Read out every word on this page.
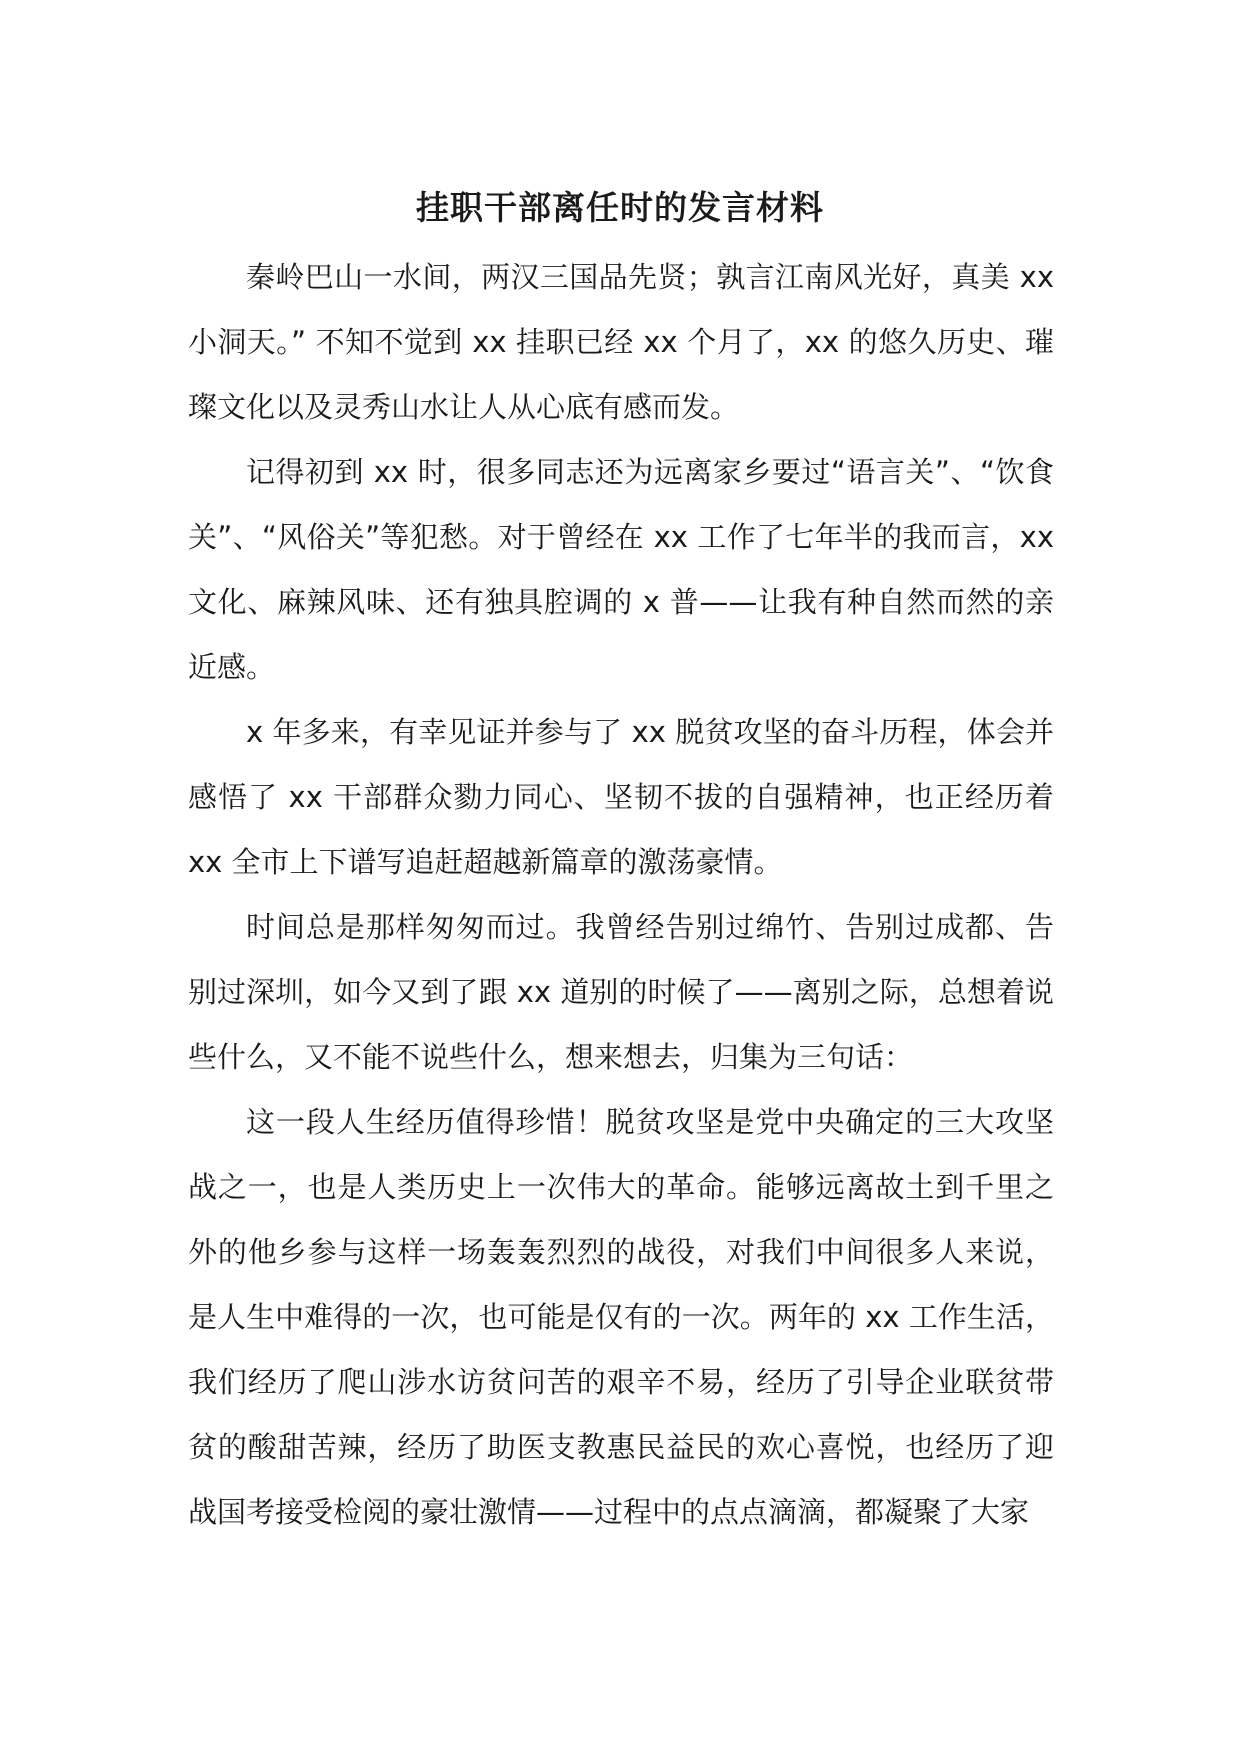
挂职干部离任时的发言材料

秦岭巴山一水间，两汉三国品先贤；孰言江南风光好，真美 xx 小洞天。” 不知不觉到 xx 挂职已经 xx 个月了，xx 的悠久历史、璀璨文化以及灵秀山水让人从心底有感而发。

记得初到 xx 时，很多同志还为远离家乡要过“语言关”、“饮食关”、“风俗关”等犯愁。对于曾经在 xx 工作了七年半的我而言，xx 文化、麻辣风味、还有独具腔调的 x 普——让我有种自然而然的亲近感。

x 年多来，有幸见证并参与了 xx 脱贫攻坚的奋斗历程，体会并感悟了 xx 干部群众勠力同心、坚韧不拔的自强精神，也正经历着 xx 全市上下谱写追赶超越新篇章的激荡豪情。

时间总是那样匆匆而过。我曾经告别过绵竹、告别过成都、告别过深圳，如今又到了跟 xx 道别的时候了——离别之际，总想着说些什么，又不能不说些什么，想来想去，归集为三句话：

这一段人生经历值得珍惜！脱贫攻坚是党中央确定的三大攻坚战之一，也是人类历史上一次伟大的革命。能够远离故土到千里之外的他乡参与这样一场轰轰烈烈的战役，对我们中间很多人来说，是人生中难得的一次，也可能是仅有的一次。两年的 xx 工作生活，我们经历了爬山涉水访贫问苦的艰辛不易，经历了引导企业联贫带贫的酸甜苦辣，经历了助医支教惠民益民的欢心喜悦，也经历了迎战国考接受检阅的豪壮激情——过程中的点点滴滴，都凝聚了大家
